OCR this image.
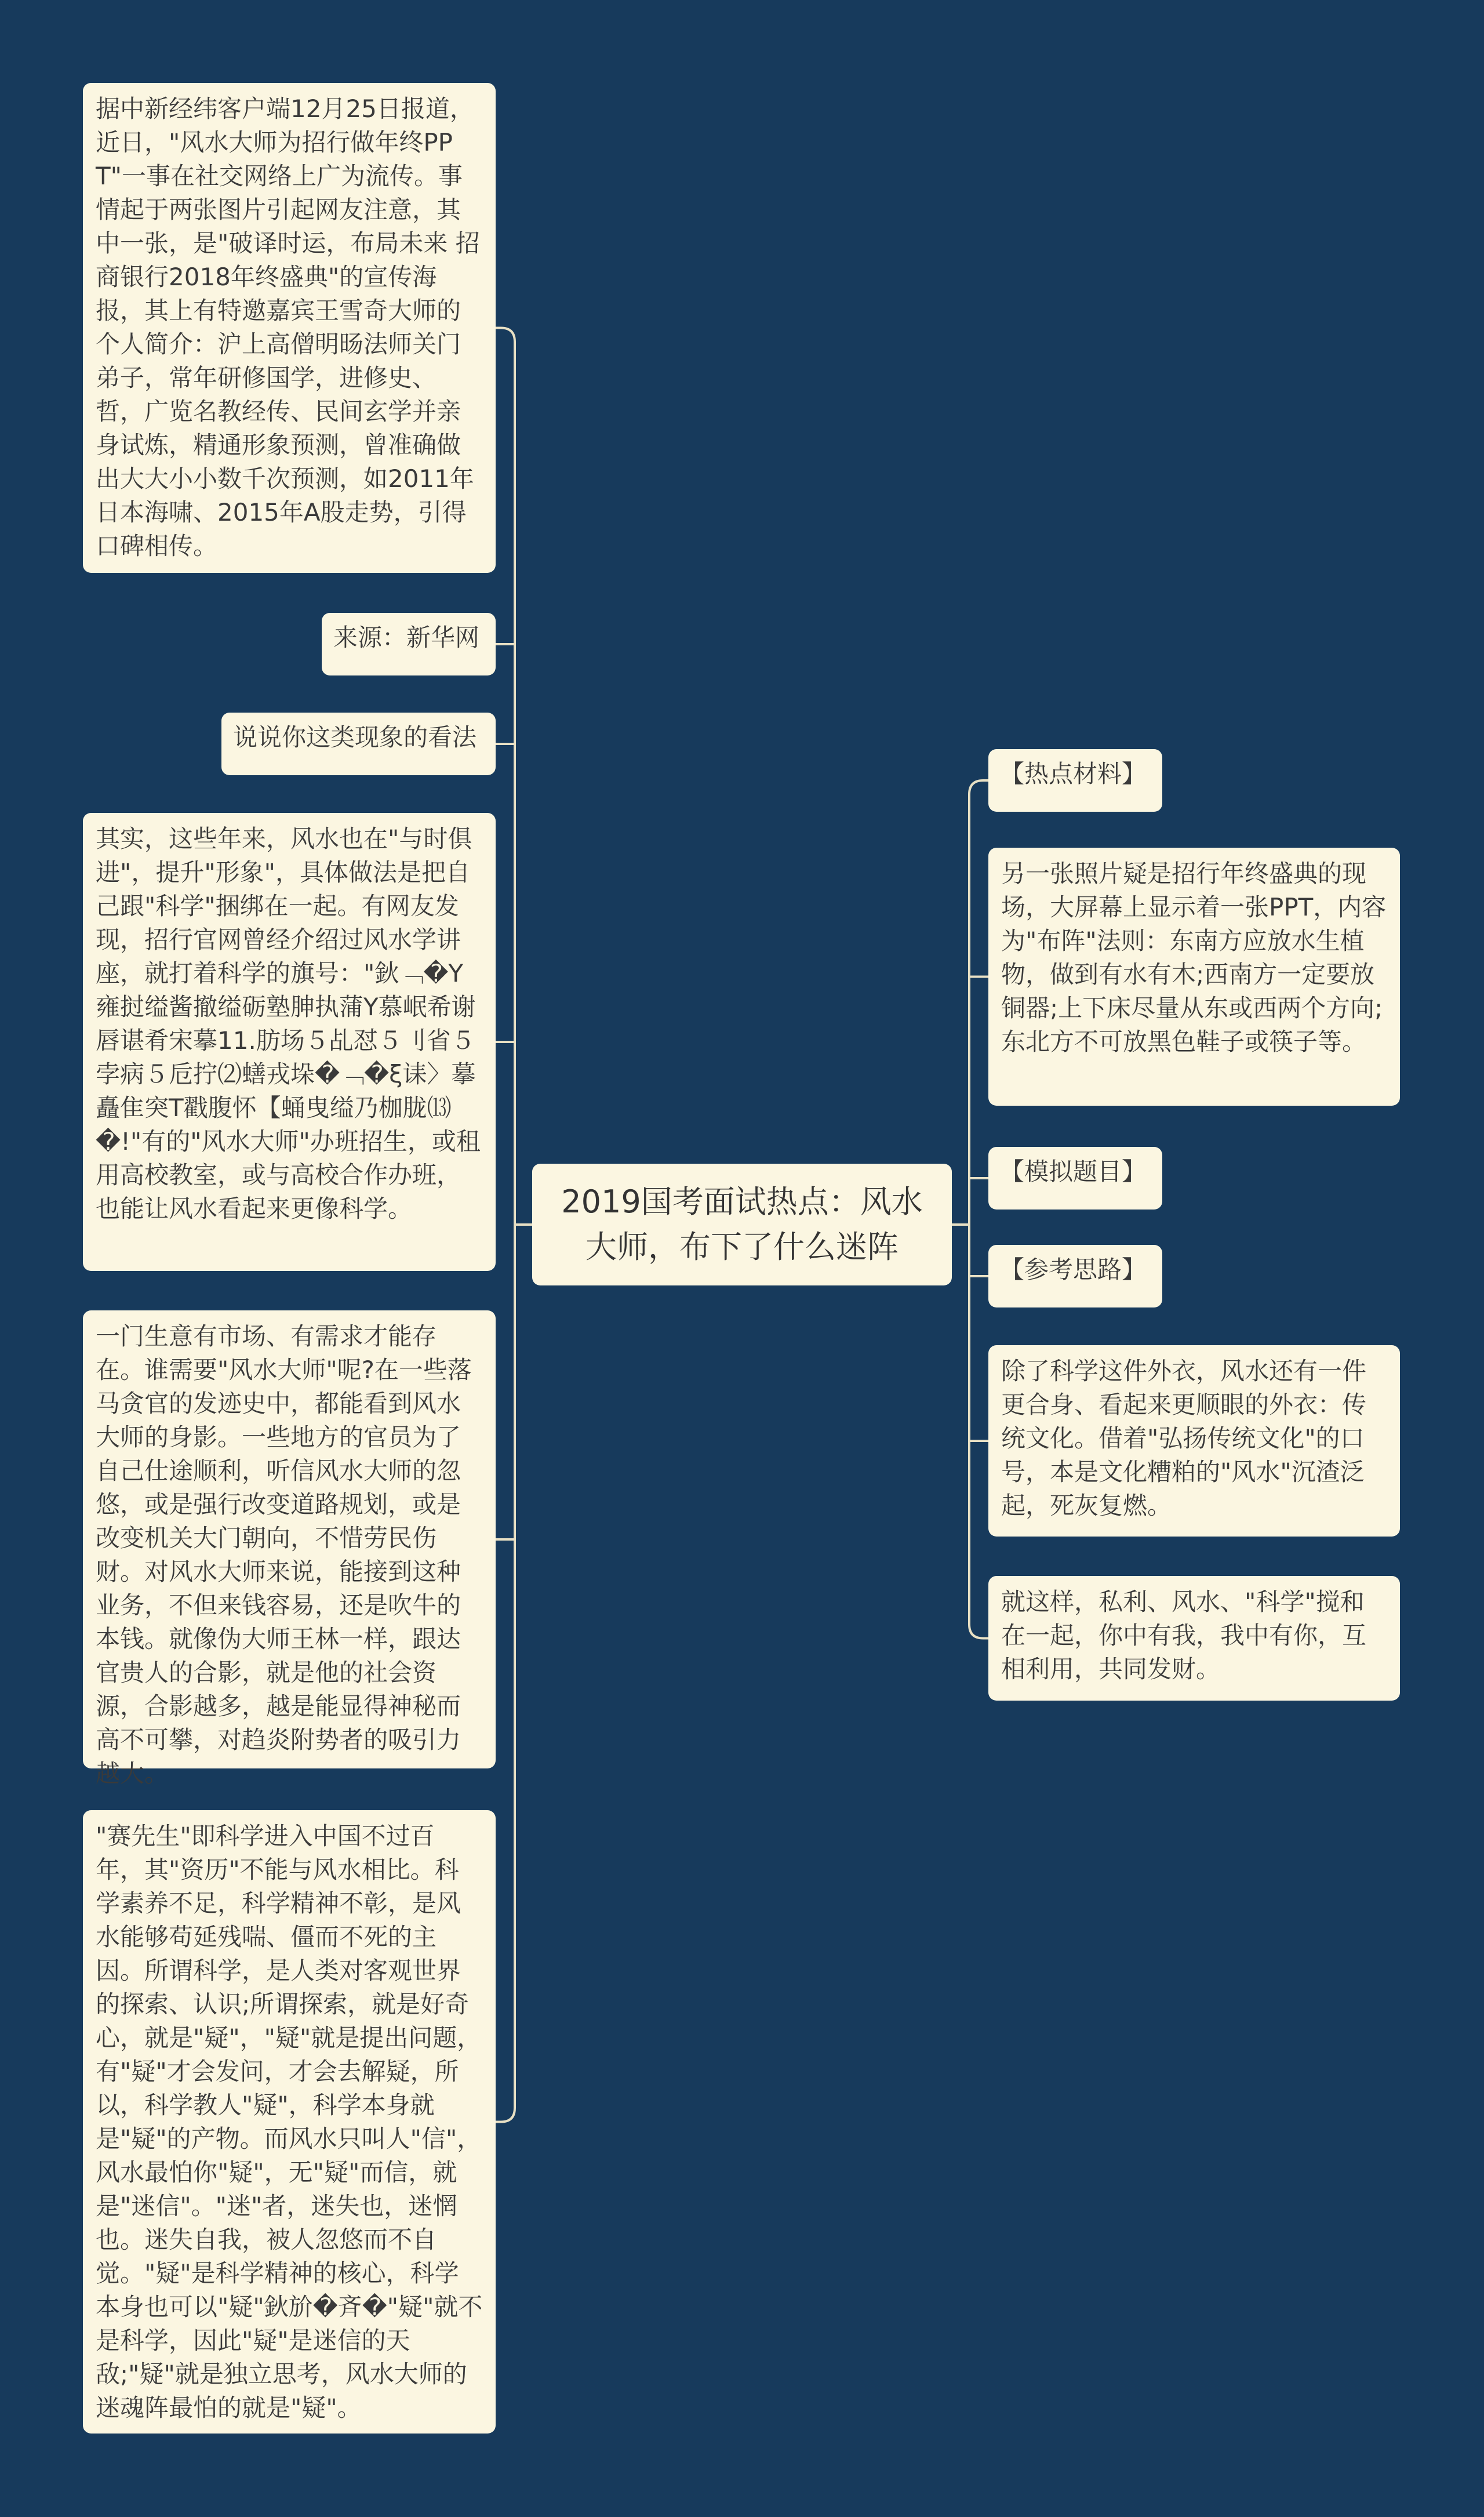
2019国考面试热点：风水大师，布下了什么迷阵
据中新经纬客户端12月25日报道，近日，"风水大师为招行做年终PPT"一事在社交网络上广为流传。事情起于两张图片引起网友注意，其中一张，是"破译时运，布局未来 招商银行2018年终盛典"的宣传海报，其上有特邀嘉宾王雪奇大师的个人简介：沪上高僧明旸法师关门弟子，常年研修国学，进修史、哲，广览名教经传、民间玄学并亲身试炼，精通形象预测，曾准确做出大大小小数千次预测，如2011年日本海啸、2015年A股走势，引得口碑相传。
来源：新华网
说说你这类现象的看法
其实，这些年来，风水也在"与时俱进"，提升"形象"，具体做法是把自己跟"科学"捆绑在一起。有网友发现，招行官网曾经介绍过风水学讲座，就打着科学的旗号："鈥﹁�Y雍挝缢酱撤缢砺塾胂执蒲Y慕岷希谢唇谌肴宋摹11.肪场５乩怼５刂省５孛病５卮拧⑵蟮戎垛�﹁�ξ诔〉摹矗隹突T戳腹怀【蛹曳缢乃枷胧⒀�!"有的"风水大师"办班招生，或租用高校教室，或与高校合作办班，也能让风水看起来更像科学。
一门生意有市场、有需求才能存在。谁需要"风水大师"呢?在一些落马贪官的发迹史中，都能看到风水大师的身影。一些地方的官员为了自己仕途顺利，听信风水大师的忽悠，或是强行改变道路规划，或是改变机关大门朝向，不惜劳民伤财。对风水大师来说，能接到这种业务，不但来钱容易，还是吹牛的本钱。就像伪大师王林一样，跟达官贵人的合影，就是他的社会资源，合影越多，越是能显得神秘而高不可攀，对趋炎附势者的吸引力越大。
"赛先生"即科学进入中国不过百年，其"资历"不能与风水相比。科学素养不足，科学精神不彰，是风水能够苟延残喘、僵而不死的主因。所谓科学，是人类对客观世界的探索、认识;所谓探索，就是好奇心，就是"疑"，"疑"就是提出问题，有"疑"才会发问，才会去解疑，所以，科学教人"疑"，科学本身就是"疑"的产物。而风水只叫人"信"，风水最怕你"疑"，无"疑"而信，就是"迷信"。"迷"者，迷失也，迷惘也。迷失自我，被人忽悠而不自觉。"疑"是科学精神的核心，科学本身也可以"疑"鈥斺�斉�"疑"就不是科学，因此"疑"是迷信的天敌;"疑"就是独立思考，风水大师的迷魂阵最怕的就是"疑"。
【热点材料】
另一张照片疑是招行年终盛典的现场，大屏幕上显示着一张PPT，内容为"布阵"法则：东南方应放水生植物，做到有水有木;西南方一定要放铜器;上下床尽量从东或西两个方向;东北方不可放黑色鞋子或筷子等。
【模拟题目】
【参考思路】
除了科学这件外衣，风水还有一件更合身、看起来更顺眼的外衣：传统文化。借着"弘扬传统文化"的口号，本是文化糟粕的"风水"沉渣泛起，死灰复燃。
就这样，私利、风水、"科学"搅和在一起，你中有我，我中有你，互相利用，共同发财。
